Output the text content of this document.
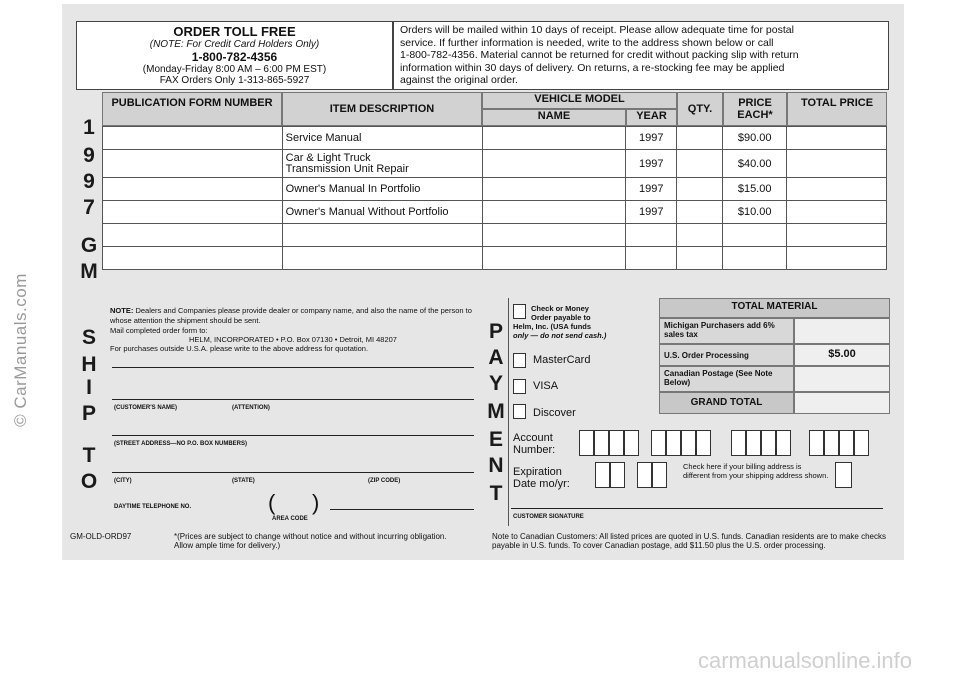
ORDER TOLL FREE
(NOTE: For Credit Card Holders Only)
1-800-782-4356
(Monday-Friday 8:00 AM – 6:00 PM EST)
FAX Orders Only 1-313-865-5927
Orders will be mailed within 10 days of receipt. Please allow adequate time for postal
service. If further information is needed, write to the address shown below or call
1-800-782-4356. Material cannot be returned for credit without packing slip with return
information within 30 days of delivery. On returns, a re-stocking fee may be applied
against the original order.
1
9
9
7
G
M
PUBLICATION FORM NUMBER	ITEM DESCRIPTION
VEHICLE MODEL
NAME	YEAR
QTY.	PRICE EACH*
TOTAL PRICE
	Service Manual		1997		$90.00	

	Car & Light Truck
Transmission Unit Repair		1997		$40.00	
	Owner's Manual In Portfolio		1997		$15.00	
	Owner's Manual Without Portfolio		1997		$10.00	

S
H
I
P
T
O
NOTE: Dealers and Companies please provide dealer or company name, and also the name of the person to whose attention the shipment should be sent.
Mail completed order form to:
HELM, INCORPORATED • P.O. Box 07130 • Detroit, MI 48207
For purchases outside U.S.A. please write to the above address for quotation.
(CUSTOMER'S NAME)	(ATTENTION)
(STREET ADDRESS—NO P.O. BOX NUMBERS)
(CITY)	(STATE)	(ZIP CODE)
DAYTIME TELEPHONE NO.	( )
AREA CODE
P
A
Y
M
E
N
T
Check or Money
Order payable to
Helm, Inc. (USA funds
only — do not send cash.)
MasterCard
VISA
Discover
TOTAL MATERIAL
Michigan Purchasers add 6% sales tax
U.S. Order Processing	$5.00
Canadian Postage (See Note Below)
GRAND TOTAL
Account
Number:
Expiration
Date mo/yr:
Check here if your billing address is different from your shipping address shown.
CUSTOMER SIGNATURE
GM-OLD-ORD97	*(Prices are subject to change without notice and without incurring obligation. Allow ample time for delivery.)
Note to Canadian Customers: All listed prices are quoted in U.S. funds. Canadian residents are to make checks payable in U.S. funds. To cover Canadian postage, add $11.50 plus the U.S. order processing.
© CarManuals.com
carmanualsonline.info
